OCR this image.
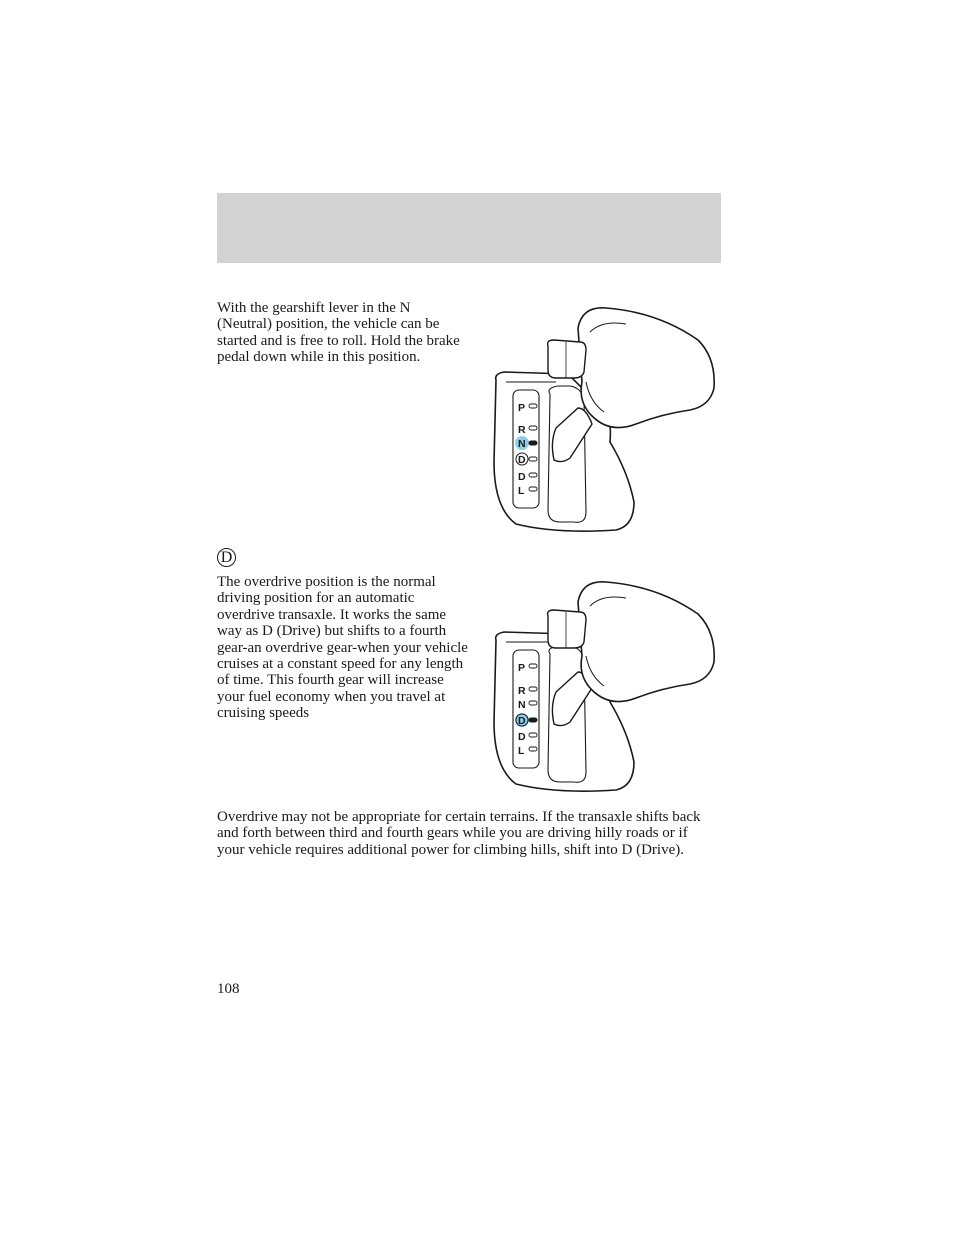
With the gearshift lever in the N (Neutral) position, the vehicle can be started and is free to roll. Hold the brake pedal down while in this position.

P
R
N
D
D
L
D

The overdrive position is the normal driving position for an automatic overdrive transaxle. It works the same way as D (Drive) but shifts to a fourth gear-an overdrive gear-when your vehicle cruises at a constant speed for any length of time. This fourth gear will increase your fuel economy when you travel at cruising speeds

P
R
N
D
D
L

Overdrive may not be appropriate for certain terrains. If the transaxle shifts back and forth between third and fourth gears while you are driving hilly roads or if your vehicle requires additional power for climbing hills, shift into D (Drive).

108
